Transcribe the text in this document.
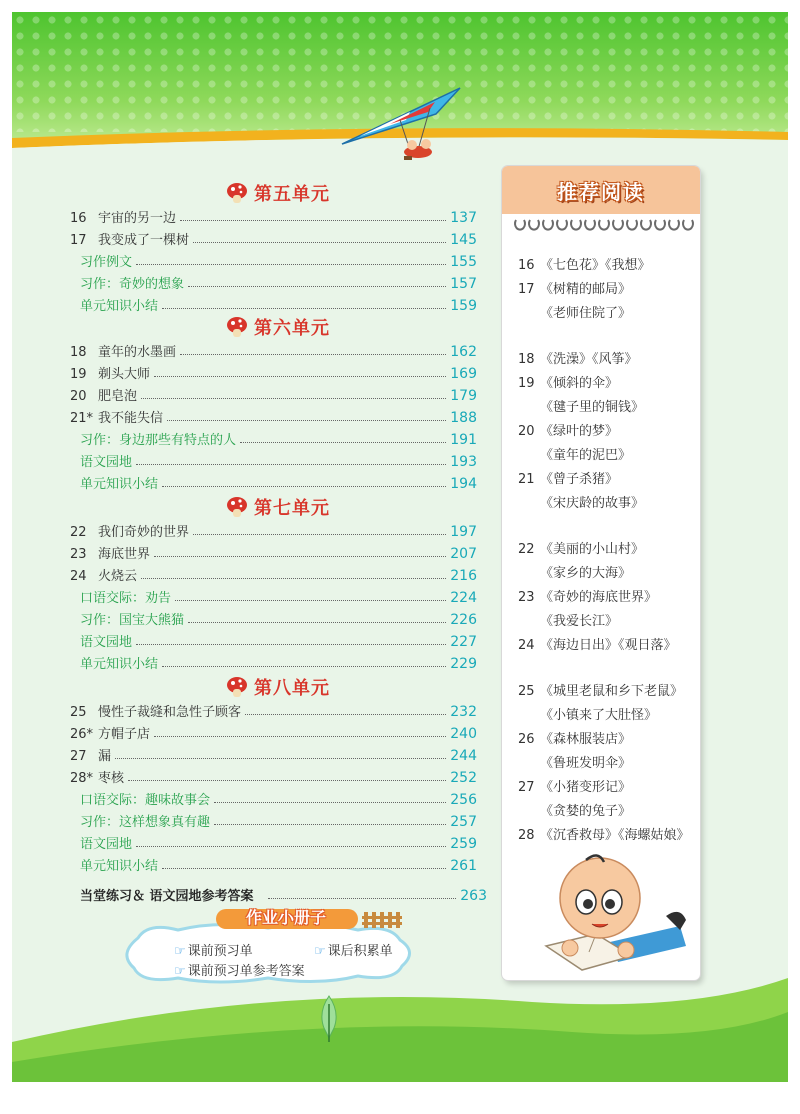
第五单元
第六单元
第七单元
第八单元
16 宇宙的另一边	137
17 我变成了一棵树	145
习作例文	155
习作：奇妙的想象	157
单元知识小结	159
18 童年的水墨画	162
19 剃头大师	169
20 肥皂泡	179
21* 我不能失信	188
习作：身边那些有特点的人	191
语文园地	193
单元知识小结	194
22 我们奇妙的世界	197
23 海底世界	207
24 火烧云	216
口语交际：劝告	224
习作：国宝大熊猫	226
语文园地	227
单元知识小结	229
25 慢性子裁缝和急性子顾客	232
26* 方帽子店	240
27 漏	244
28* 枣核	252
口语交际：趣味故事会	256
习作：这样想象真有趣	257
语文园地	259
单元知识小结	261
当堂练习＆ 语文园地参考答案	263
推荐阅读
16 《七色花》《我想》
17 《树精的邮局》
《老师住院了》
18 《洗澡》《风筝》
19 《倾斜的伞》
《毽子里的铜钱》
20 《绿叶的梦》
《童年的泥巴》
21 《曾子杀猪》
《宋庆龄的故事》
22 《美丽的小山村》
《家乡的大海》
23 《奇妙的海底世界》
《我爱长江》
24 《海边日出》《观日落》
25 《城里老鼠和乡下老鼠》
《小镇来了大肚怪》
26 《森林服装店》
《鲁班发明伞》
27 《小猪变形记》
《贪婪的兔子》
28 《沉香救母》《海螺姑娘》
作业小册子
☞ 课前预习单	☞ 课后积累单
☞ 课前预习单参考答案
